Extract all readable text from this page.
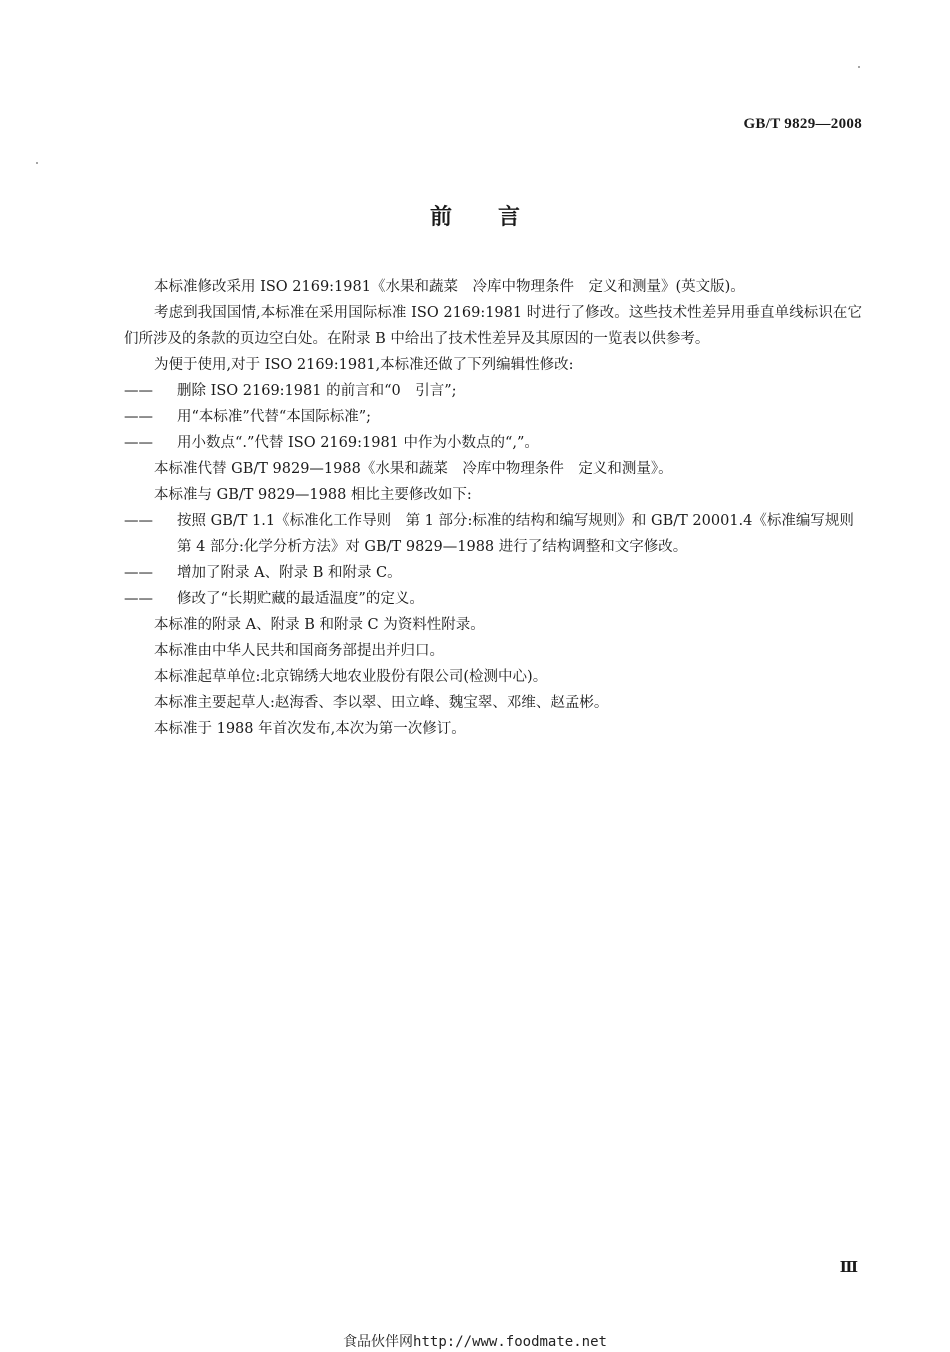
GB/T 9829—2008
前言

本标准修改采用 ISO 2169:1981《水果和蔬菜　冷库中物理条件　定义和测量》(英文版)。

考虑到我国国情,本标准在采用国际标准 ISO 2169:1981 时进行了修改。这些技术性差异用垂直单线标识在它们所涉及的条款的页边空白处。在附录 B 中给出了技术性差异及其原因的一览表以供参考。

为便于使用,对于 ISO 2169:1981,本标准还做了下列编辑性修改:

—— 删除 ISO 2169:1981 的前言和“0　引言”;

—— 用“本标准”代替“本国际标准”;

—— 用小数点“.”代替 ISO 2169:1981 中作为小数点的“,”。

本标准代替 GB/T 9829—1988《水果和蔬菜　冷库中物理条件　定义和测量》。

本标准与 GB/T 9829—1988 相比主要修改如下:

—— 按照 GB/T 1.1《标准化工作导则　第 1 部分:标准的结构和编写规则》和 GB/T 20001.4《标准编写规则　第 4 部分:化学分析方法》对 GB/T 9829—1988 进行了结构调整和文字修改。

—— 增加了附录 A、附录 B 和附录 C。

—— 修改了“长期贮藏的最适温度”的定义。

本标准的附录 A、附录 B 和附录 C 为资料性附录。

本标准由中华人民共和国商务部提出并归口。

本标准起草单位:北京锦绣大地农业股份有限公司(检测中心)。

本标准主要起草人:赵海香、李以翠、田立峰、魏宝翠、邓维、赵孟彬。

本标准于 1988 年首次发布,本次为第一次修订。

Ⅲ
食品伙伴网http://www.foodmate.net
